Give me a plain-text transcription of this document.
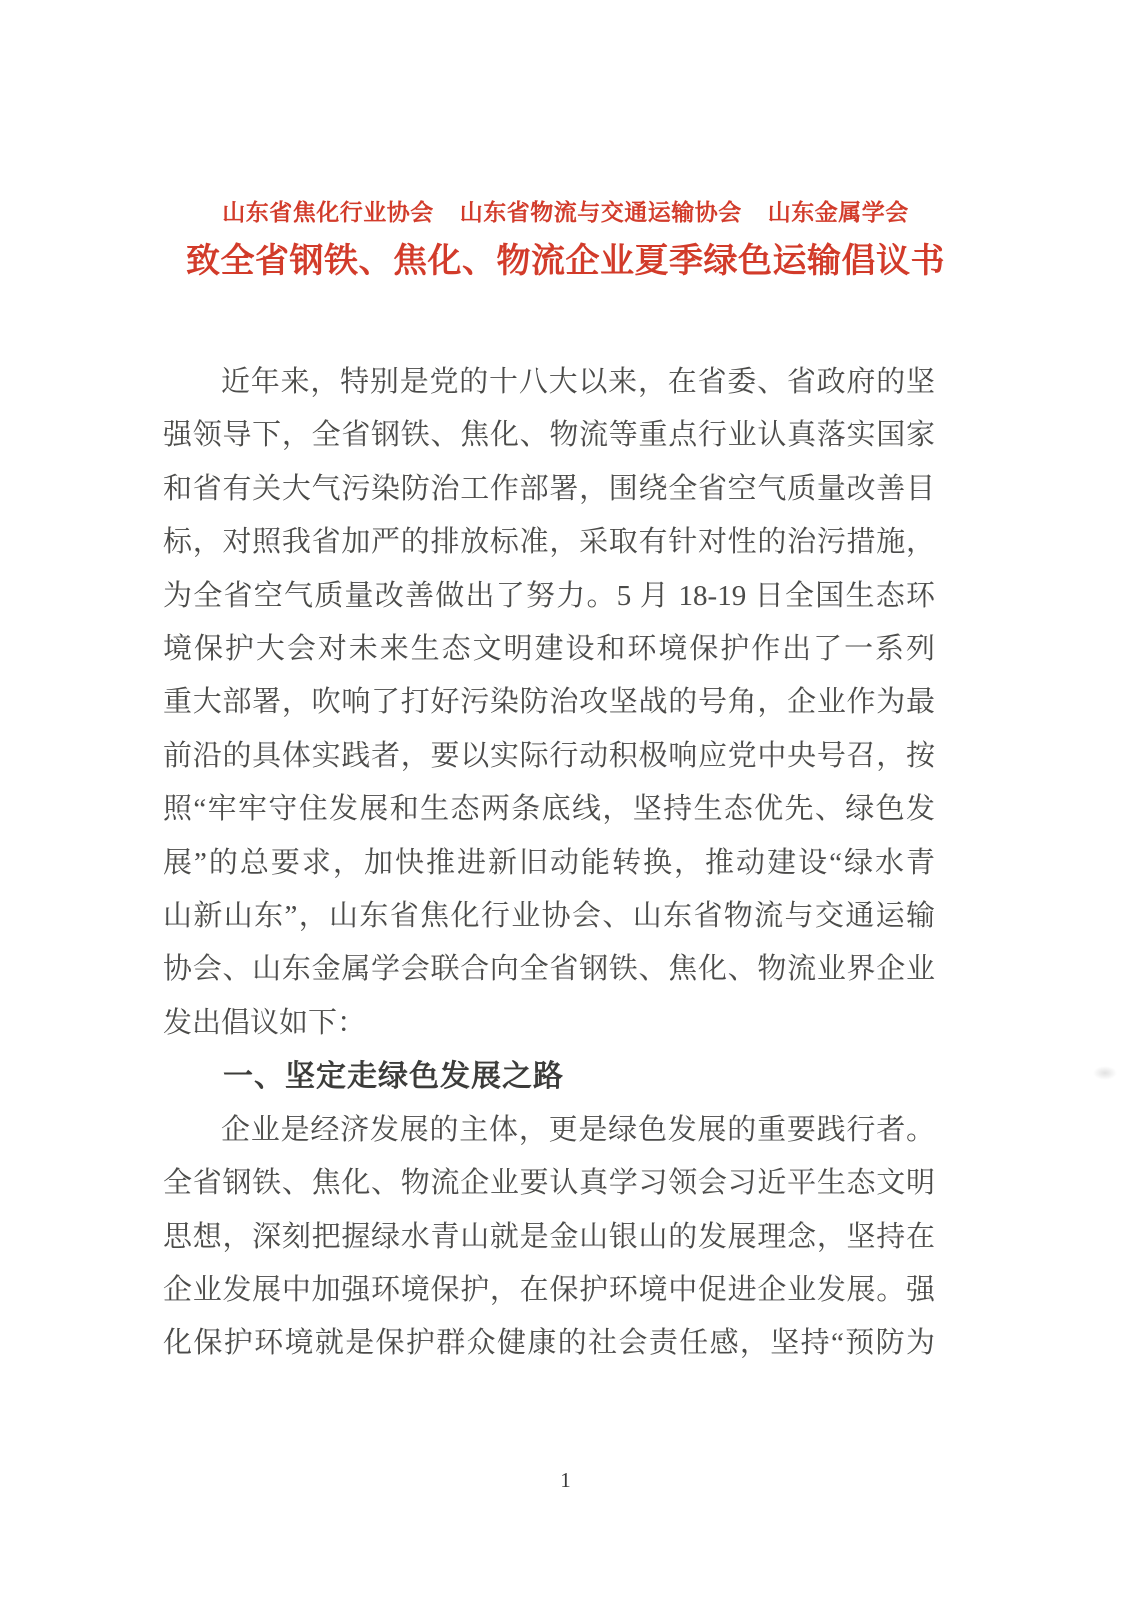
山东省焦化行业协会 山东省物流与交通运输协会 山东金属学会
致全省钢铁、焦化、物流企业夏季绿色运输倡议书
近年来，特别是党的十八大以来，在省委、省政府的坚
强领导下，全省钢铁、焦化、物流等重点行业认真落实国家
和省有关大气污染防治工作部署，围绕全省空气质量改善目
标，对照我省加严的排放标准，采取有针对性的治污措施，
为全省空气质量改善做出了努力。5 月 18-19 日全国生态环
境保护大会对未来生态文明建设和环境保护作出了一系列
重大部署，吹响了打好污染防治攻坚战的号角，企业作为最
前沿的具体实践者，要以实际行动积极响应党中央号召，按
照“牢牢守住发展和生态两条底线，坚持生态优先、绿色发
展”的总要求，加快推进新旧动能转换，推动建设“绿水青
山新山东”，山东省焦化行业协会、山东省物流与交通运输
协会、山东金属学会联合向全省钢铁、焦化、物流业界企业
发出倡议如下：
一、坚定走绿色发展之路
企业是经济发展的主体，更是绿色发展的重要践行者。
全省钢铁、焦化、物流企业要认真学习领会习近平生态文明
思想，深刻把握绿水青山就是金山银山的发展理念，坚持在
企业发展中加强环境保护，在保护环境中促进企业发展。强
化保护环境就是保护群众健康的社会责任感，坚持“预防为
1
